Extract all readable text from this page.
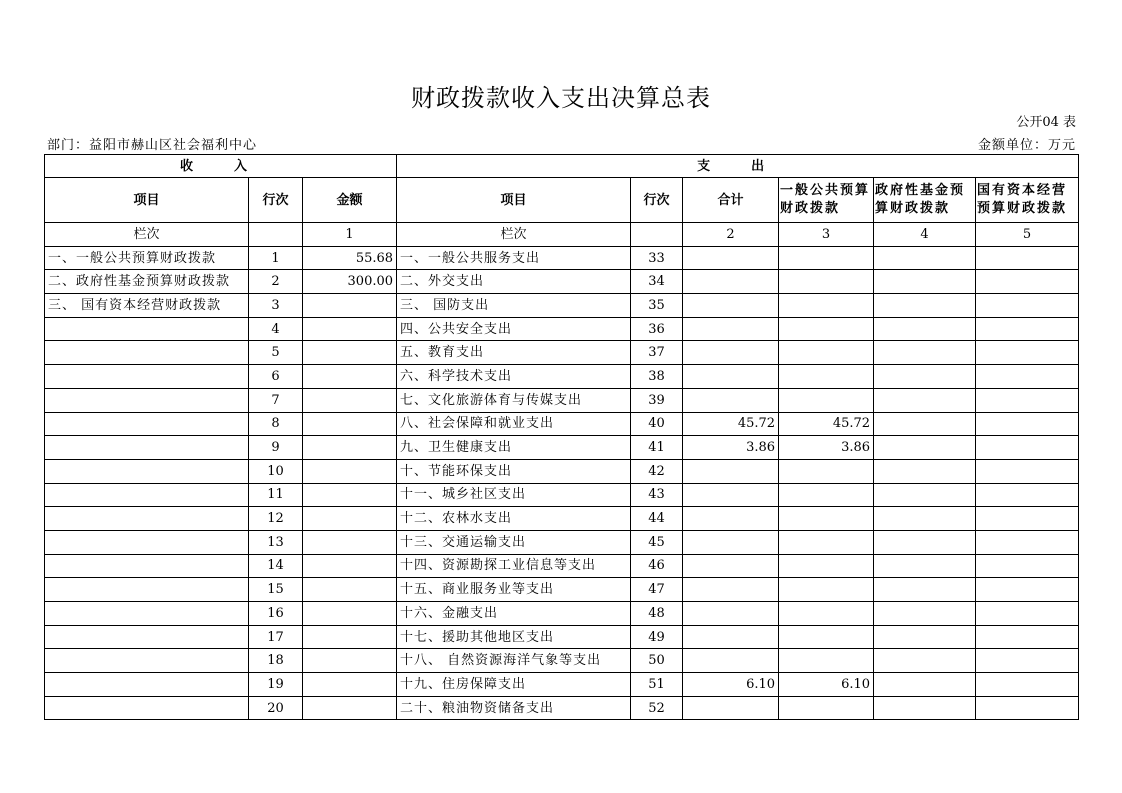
财政拨款收入支出决算总表
公开04 表
部门：益阳市赫山区社会福利中心	金额单位：万元
收　入			支　出					
项目	行次	金额	项目	行次	合计	一般公共预算财政拨款	政府性基金预算财政拨款	国有资本经营预算财政拨款
栏次		1	栏次		2	3	4	5
一、一般公共预算财政拨款	1	55.68	一、一般公共服务支出	33				
二、政府性基金预算财政拨款	2	300.00	二、外交支出	34				
三、 国有资本经营财政拨款	3		三、 国防支出	35				
	4		四、公共安全支出	36				
	5		五、教育支出	37				
	6		六、科学技术支出	38				
	7		七、文化旅游体育与传媒支出	39				
	8		八、社会保障和就业支出	40	45.72	45.72		
	9		九、卫生健康支出	41	3.86	3.86		
	10		十、节能环保支出	42				
	11		十一、城乡社区支出	43				
	12		十二、农林水支出	44				
	13		十三、交通运输支出	45				
	14		十四、资源勘探工业信息等支出	46				
	15		十五、商业服务业等支出	47				
	16		十六、金融支出	48				
	17		十七、援助其他地区支出	49				
	18		十八、 自然资源海洋气象等支出	50				
	19		十九、住房保障支出	51	6.10	6.10		
	20		二十、粮油物资储备支出	52				
